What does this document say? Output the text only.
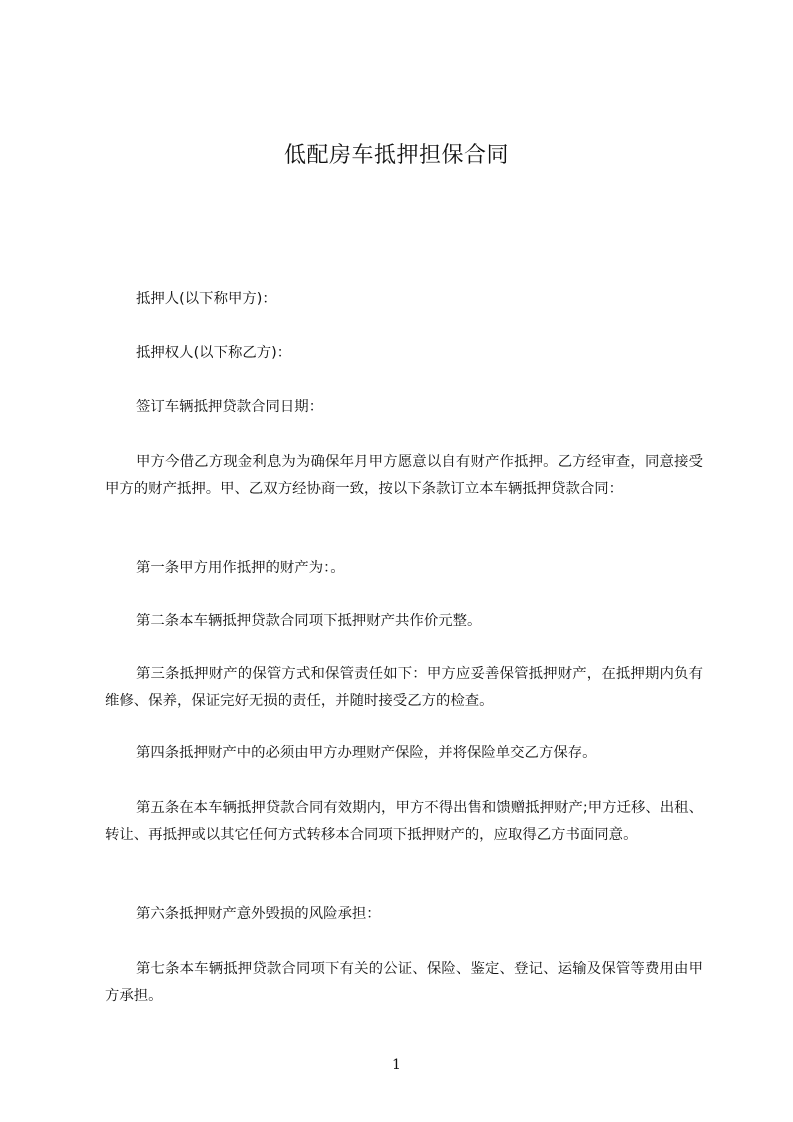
低配房车抵押担保合同
抵押人(以下称甲方)：
抵押权人(以下称乙方)：
签订车辆抵押贷款合同日期：
甲方今借乙方现金利息为为确保年月甲方愿意以自有财产作抵押。乙方经审查，同意接受甲方的财产抵押。甲、乙双方经协商一致，按以下条款订立本车辆抵押贷款合同：
第一条甲方用作抵押的财产为：。
第二条本车辆抵押贷款合同项下抵押财产共作价元整。
第三条抵押财产的保管方式和保管责任如下：甲方应妥善保管抵押财产，在抵押期内负有维修、保养，保证完好无损的责任，并随时接受乙方的检查。
第四条抵押财产中的必须由甲方办理财产保险，并将保险单交乙方保存。
第五条在本车辆抵押贷款合同有效期内，甲方不得出售和馈赠抵押财产;甲方迁移、出租、转让、再抵押或以其它任何方式转移本合同项下抵押财产的，应取得乙方书面同意。
第六条抵押财产意外毁损的风险承担：
第七条本车辆抵押贷款合同项下有关的公证、保险、鉴定、登记、运输及保管等费用由甲方承担。
1
